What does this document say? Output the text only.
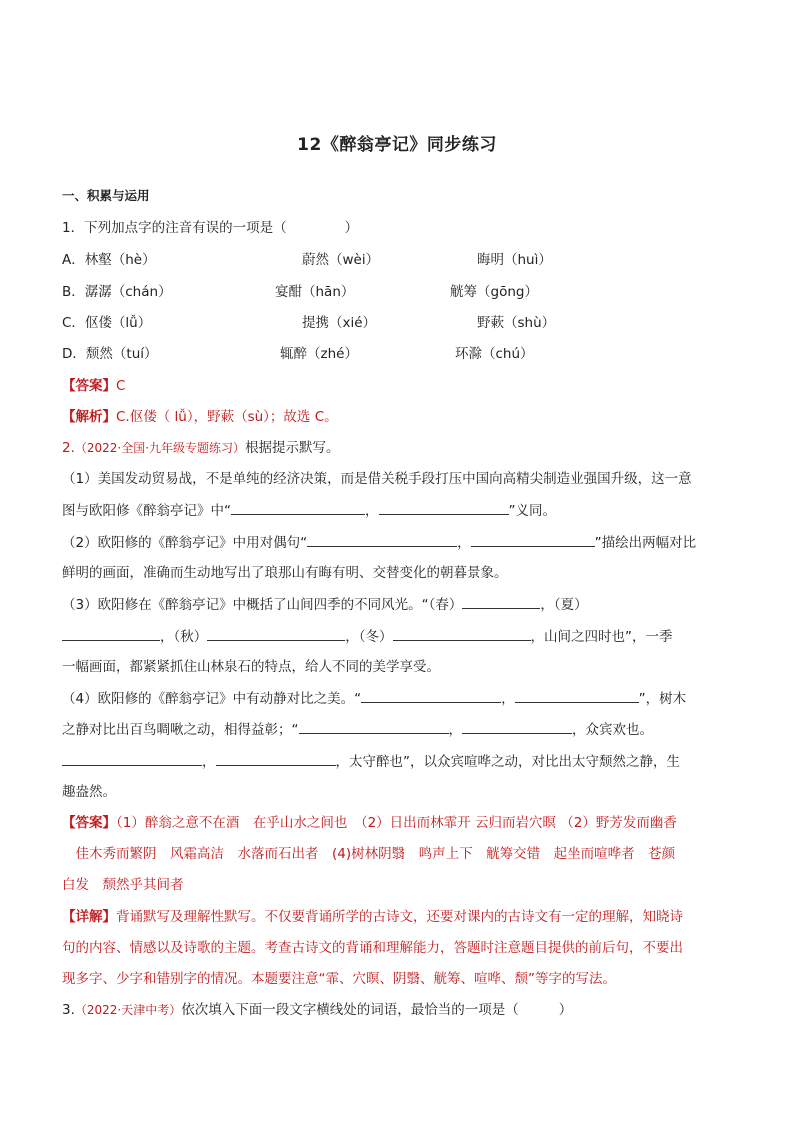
12《醉翁亭记》同步练习
一、积累与运用
1．下列加点字的注音有误的一项是（	）
A．林壑（hè）	蔚然（wèi）	晦明（huì）
B．潺潺（chán）	宴酣（hān）	觥筹（gōng）
C．伛偻（lǚ）	提携（xié）	野蔌（shù）
D．颓然（tuí）	辄醉（zhé）	环滁（chú）
【答案】C
【解析】C.伛偻（ lǚ），野蔌（sù）；故选 C。
2.（2022·全国·九年级专题练习）根据提示默写。
（1）美国发动贸易战，不是单纯的经济决策，而是借关税手段打压中国向高精尖制造业强国升级，这一意
图与欧阳修《醉翁亭记》中“	，	”义同。
（2）欧阳修的《醉翁亭记》中用对偶句“	，	”描绘出两幅对比
鲜明的画面，准确而生动地写出了琅那山有晦有明、交替变化的朝暮景象。
（3）欧阳修在《醉翁亭记》中概括了山间四季的不同风光。“（春）	，（夏）
，（秋）	，（冬）	，山间之四时也”，一季
一幅画面，都紧紧抓住山林泉石的特点，给人不同的美学享受。
（4）欧阳修的《醉翁亭记》中有动静对比之美。“	，	”，树木
之静对比出百鸟啁啾之动，相得益彰；“	，	，众宾欢也。
，	，太守醉也”，以众宾喧哗之动，对比出太守颓然之静，生
趣盎然。
【答案】（1）醉翁之意不在酒　在乎山水之间也　（2）日出而林霏开 云归而岩穴暝 （2）野芳发而幽香
　佳木秀而繁阴　风霜高洁　水落而石出者　(4)树林阴翳　鸣声上下　觥筹交错　起坐而喧哗者　苍颜
白发　颓然乎其间者
【详解】背诵默写及理解性默写。不仅要背诵所学的古诗文，还要对课内的古诗文有一定的理解，知晓诗
句的内容、情感以及诗歌的主题。考查古诗文的背诵和理解能力，答题时注意题目提供的前后句，不要出
现多字、少字和错别字的情况。本题要注意“霏、穴暝、阴翳、觥筹、喧哗、颓”等字的写法。
3.（2022·天津中考）依次填入下面一段文字横线处的词语，最恰当的一项是（	）
